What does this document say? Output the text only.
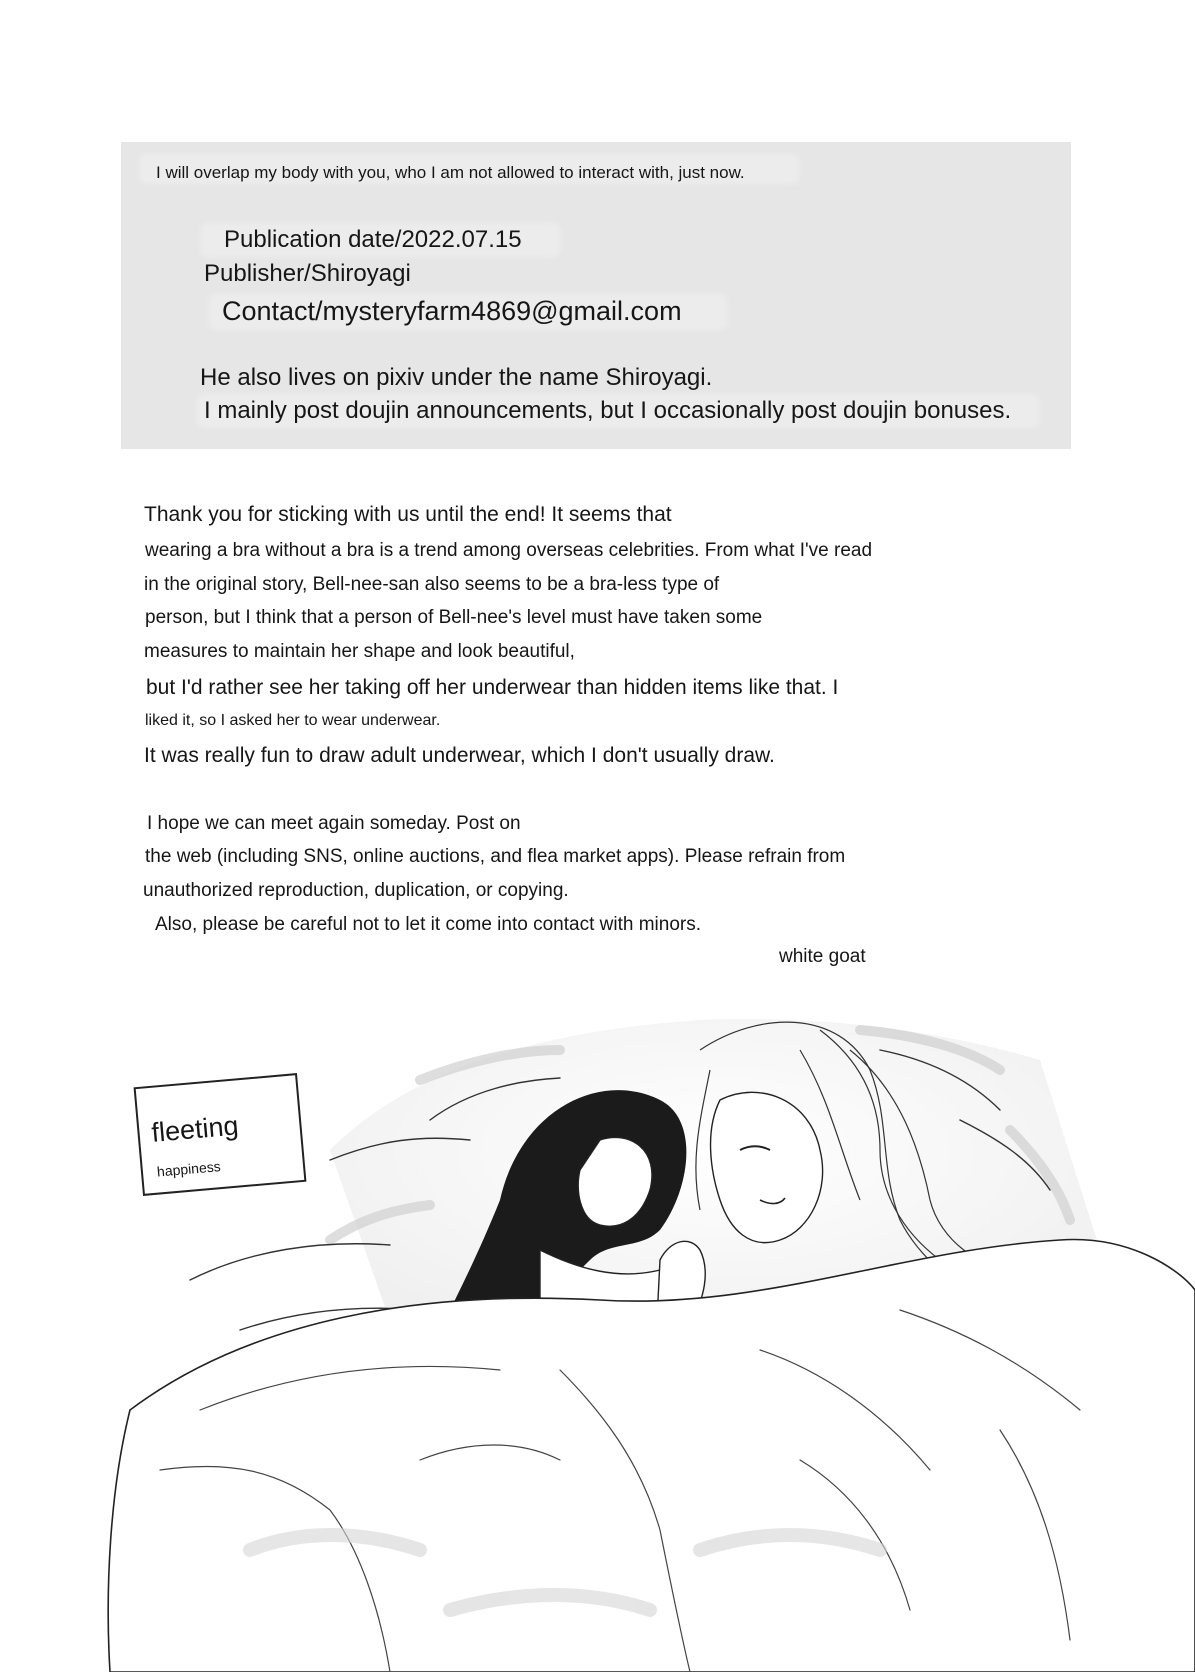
I will overlap my body with you, who I am not allowed to interact with, just now.
Publication date/2022.07.15
Publisher/Shiroyagi
Contact/mysteryfarm4869@gmail.com
He also lives on pixiv under the name Shiroyagi.
I mainly post doujin announcements, but I occasionally post doujin bonuses.
Thank you for sticking with us until the end! It seems that
wearing a bra without a bra is a trend among overseas celebrities. From what I've read
in the original story, Bell-nee-san also seems to be a bra-less type of
person, but I think that a person of Bell-nee's level must have taken some
measures to maintain her shape and look beautiful,
but I'd rather see her taking off her underwear than hidden items like that. I
liked it, so I asked her to wear underwear.
It was really fun to draw adult underwear, which I don't usually draw.
I hope we can meet again someday. Post on
the web (including SNS, online auctions, and flea market apps). Please refrain from
unauthorized reproduction, duplication, or copying.
Also, please be careful not to let it come into contact with minors.
white goat
fleeting
happiness
